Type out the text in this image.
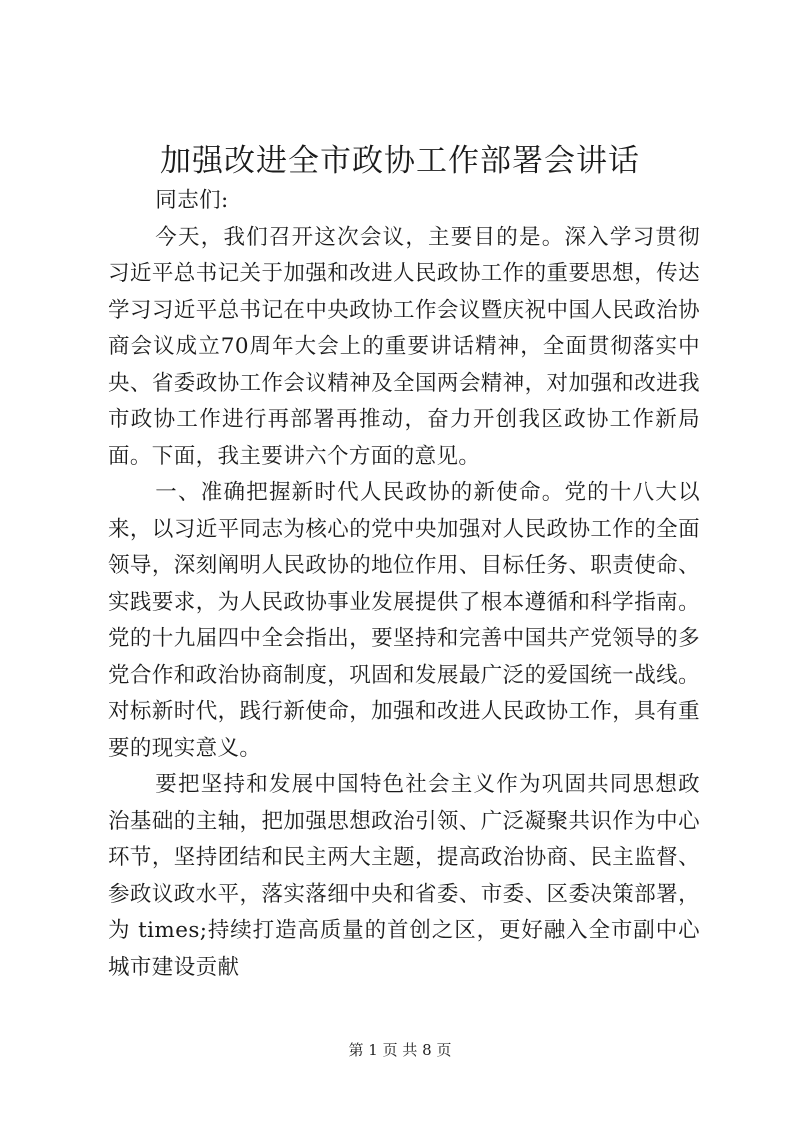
加强改进全市政协工作部署会讲话

同志们:

今天，我们召开这次会议，主要目的是。深入学习贯彻习近平总书记关于加强和改进人民政协工作的重要思想，传达学习习近平总书记在中央政协工作会议暨庆祝中国人民政治协商会议成立70周年大会上的重要讲话精神，全面贯彻落实中央、省委政协工作会议精神及全国两会精神，对加强和改进我市政协工作进行再部署再推动，奋力开创我区政协工作新局面。下面，我主要讲六个方面的意见。

一、准确把握新时代人民政协的新使命。党的十八大以来，以习近平同志为核心的党中央加强对人民政协工作的全面领导，深刻阐明人民政协的地位作用、目标任务、职责使命、实践要求，为人民政协事业发展提供了根本遵循和科学指南。党的十九届四中全会指出，要坚持和完善中国共产党领导的多党合作和政治协商制度，巩固和发展最广泛的爱国统一战线。对标新时代，践行新使命，加强和改进人民政协工作，具有重要的现实意义。

要把坚持和发展中国特色社会主义作为巩固共同思想政治基础的主轴，把加强思想政治引领、广泛凝聚共识作为中心环节，坚持团结和民主两大主题，提高政治协商、民主监督、参政议政水平，落实落细中央和省委、市委、区委决策部署，为 times;持续打造高质量的首创之区，更好融入全市副中心城市建设贡献

第 1 页 共 8 页
